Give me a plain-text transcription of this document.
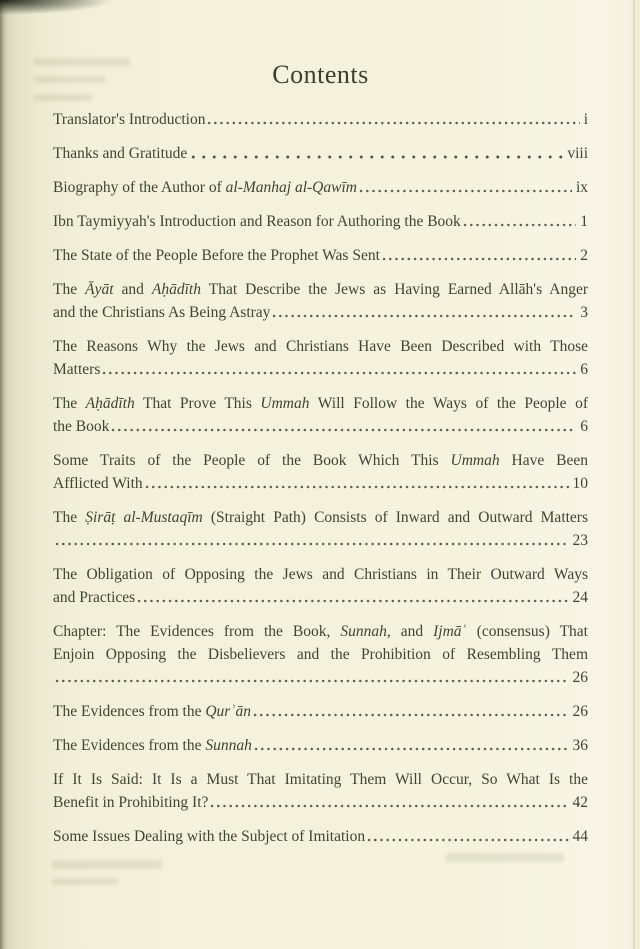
Contents
Translator's Introduction	i
Thanks and Gratitude	viii
Biography of the Author of al-Manhaj al-Qawīm	ix
Ibn Taymiyyah's Introduction and Reason for Authoring the Book	1
The State of the People Before the Prophet Was Sent	2
The Āyāt and Aḥādīth That Describe the Jews as Having Earned Allāh's Anger
and the Christians As Being Astray	3
The Reasons Why the Jews and Christians Have Been Described with Those
Matters	6
The Aḥādīth That Prove This Ummah Will Follow the Ways of the People of
the Book	6
Some Traits of the People of the Book Which This Ummah Have Been
Afflicted With	10
The Ṣirāṭ al-Mustaqīm (Straight Path) Consists of Inward and Outward Matters
23
The Obligation of Opposing the Jews and Christians in Their Outward Ways
and Practices	24
Chapter: The Evidences from the Book, Sunnah, and Ijmāʿ (consensus) That
Enjoin Opposing the Disbelievers and the Prohibition of Resembling Them
26
The Evidences from the Qurʾān	26
The Evidences from the Sunnah	36
If It Is Said: It Is a Must That Imitating Them Will Occur, So What Is the
Benefit in Prohibiting It?	42
Some Issues Dealing with the Subject of Imitation	44
